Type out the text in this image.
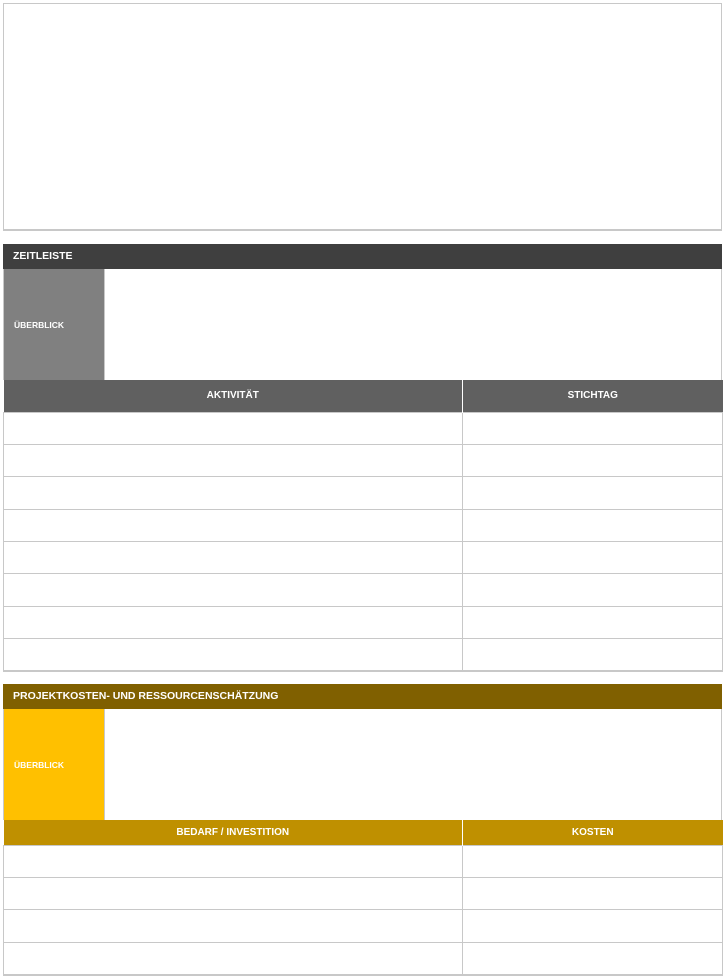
ZEITLEISTE
ÜBERBLICK
AKTIVITÄT	STICHTAG

PROJEKTKOSTEN- UND RESSOURCENSCHÄTZUNG
ÜBERBLICK
BEDARF / INVESTITION	KOSTEN
